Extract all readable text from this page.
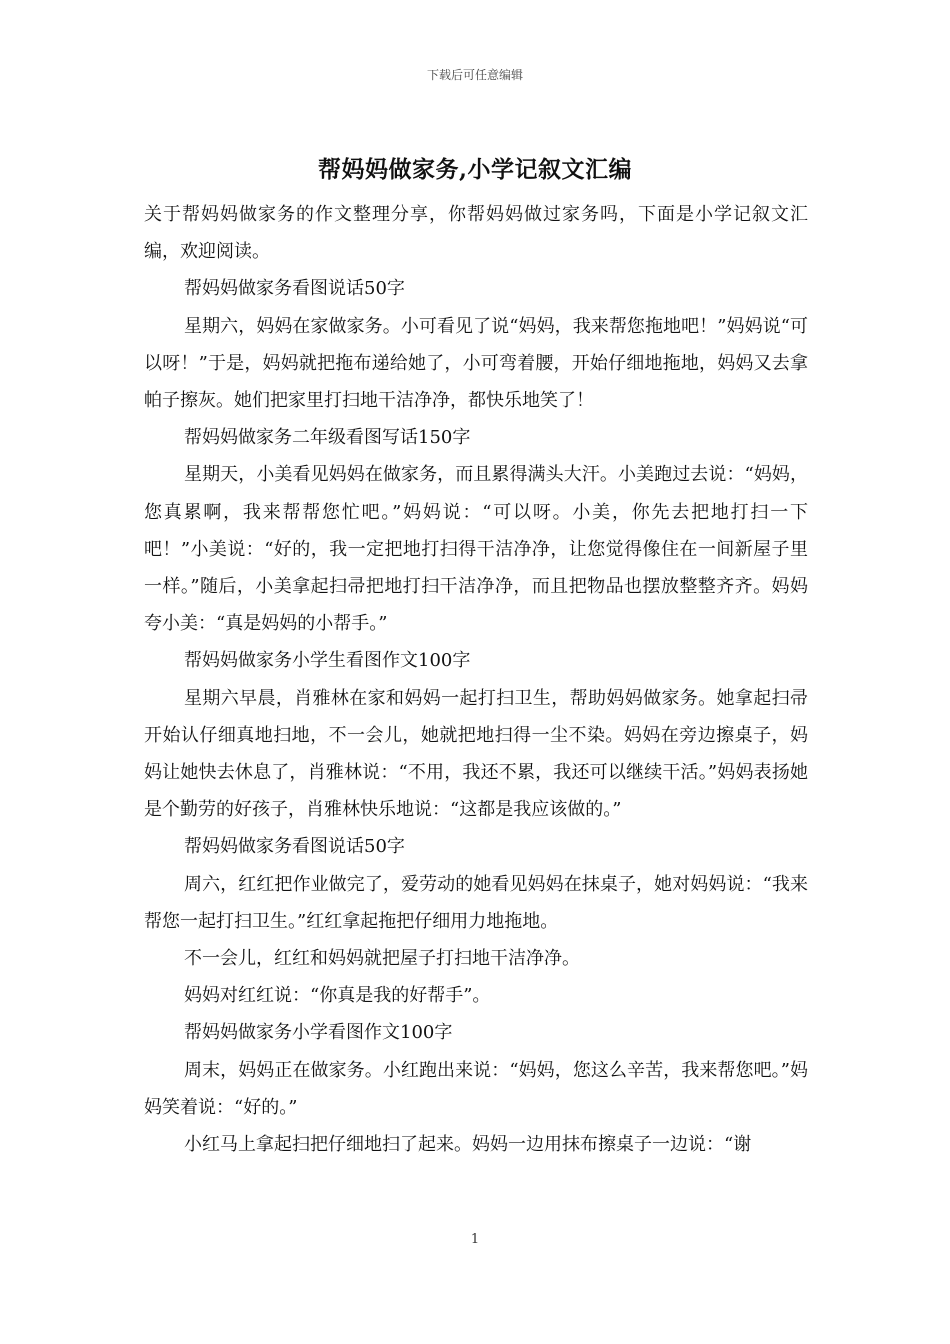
下载后可任意编辑
帮妈妈做家务,小学记叙文汇编

关于帮妈妈做家务的作文整理分享，你帮妈妈做过家务吗，下面是小学记叙文汇编，欢迎阅读。

帮妈妈做家务看图说话50字

星期六，妈妈在家做家务。小可看见了说“妈妈，我来帮您拖地吧！”妈妈说“可以呀！”于是，妈妈就把拖布递给她了，小可弯着腰，开始仔细地拖地，妈妈又去拿帕子擦灰。她们把家里打扫地干洁净净，都快乐地笑了！

帮妈妈做家务二年级看图写话150字

星期天，小美看见妈妈在做家务，而且累得满头大汗。小美跑过去说：“妈妈，您真累啊，我来帮帮您忙吧。”妈妈说：“可以呀。小美，你先去把地打扫一下吧！”小美说：“好的，我一定把地打扫得干洁净净，让您觉得像住在一间新屋子里一样。”随后，小美拿起扫帚把地打扫干洁净净，而且把物品也摆放整整齐齐。妈妈夸小美：“真是妈妈的小帮手。”

帮妈妈做家务小学生看图作文100字

星期六早晨，肖雅林在家和妈妈一起打扫卫生，帮助妈妈做家务。她拿起扫帚开始认仔细真地扫地，不一会儿，她就把地扫得一尘不染。妈妈在旁边擦桌子，妈妈让她快去休息了，肖雅林说：“不用，我还不累，我还可以继续干活。”妈妈表扬她是个勤劳的好孩子，肖雅林快乐地说：“这都是我应该做的。”

帮妈妈做家务看图说话50字

周六，红红把作业做完了，爱劳动的她看见妈妈在抹桌子，她对妈妈说：“我来帮您一起打扫卫生。”红红拿起拖把仔细用力地拖地。

不一会儿，红红和妈妈就把屋子打扫地干洁净净。

妈妈对红红说：“你真是我的好帮手”。

帮妈妈做家务小学看图作文100字

周末，妈妈正在做家务。小红跑出来说：“妈妈，您这么辛苦，我来帮您吧。”妈妈笑着说：“好的。”

小红马上拿起扫把仔细地扫了起来。妈妈一边用抹布擦桌子一边说：“谢

1
